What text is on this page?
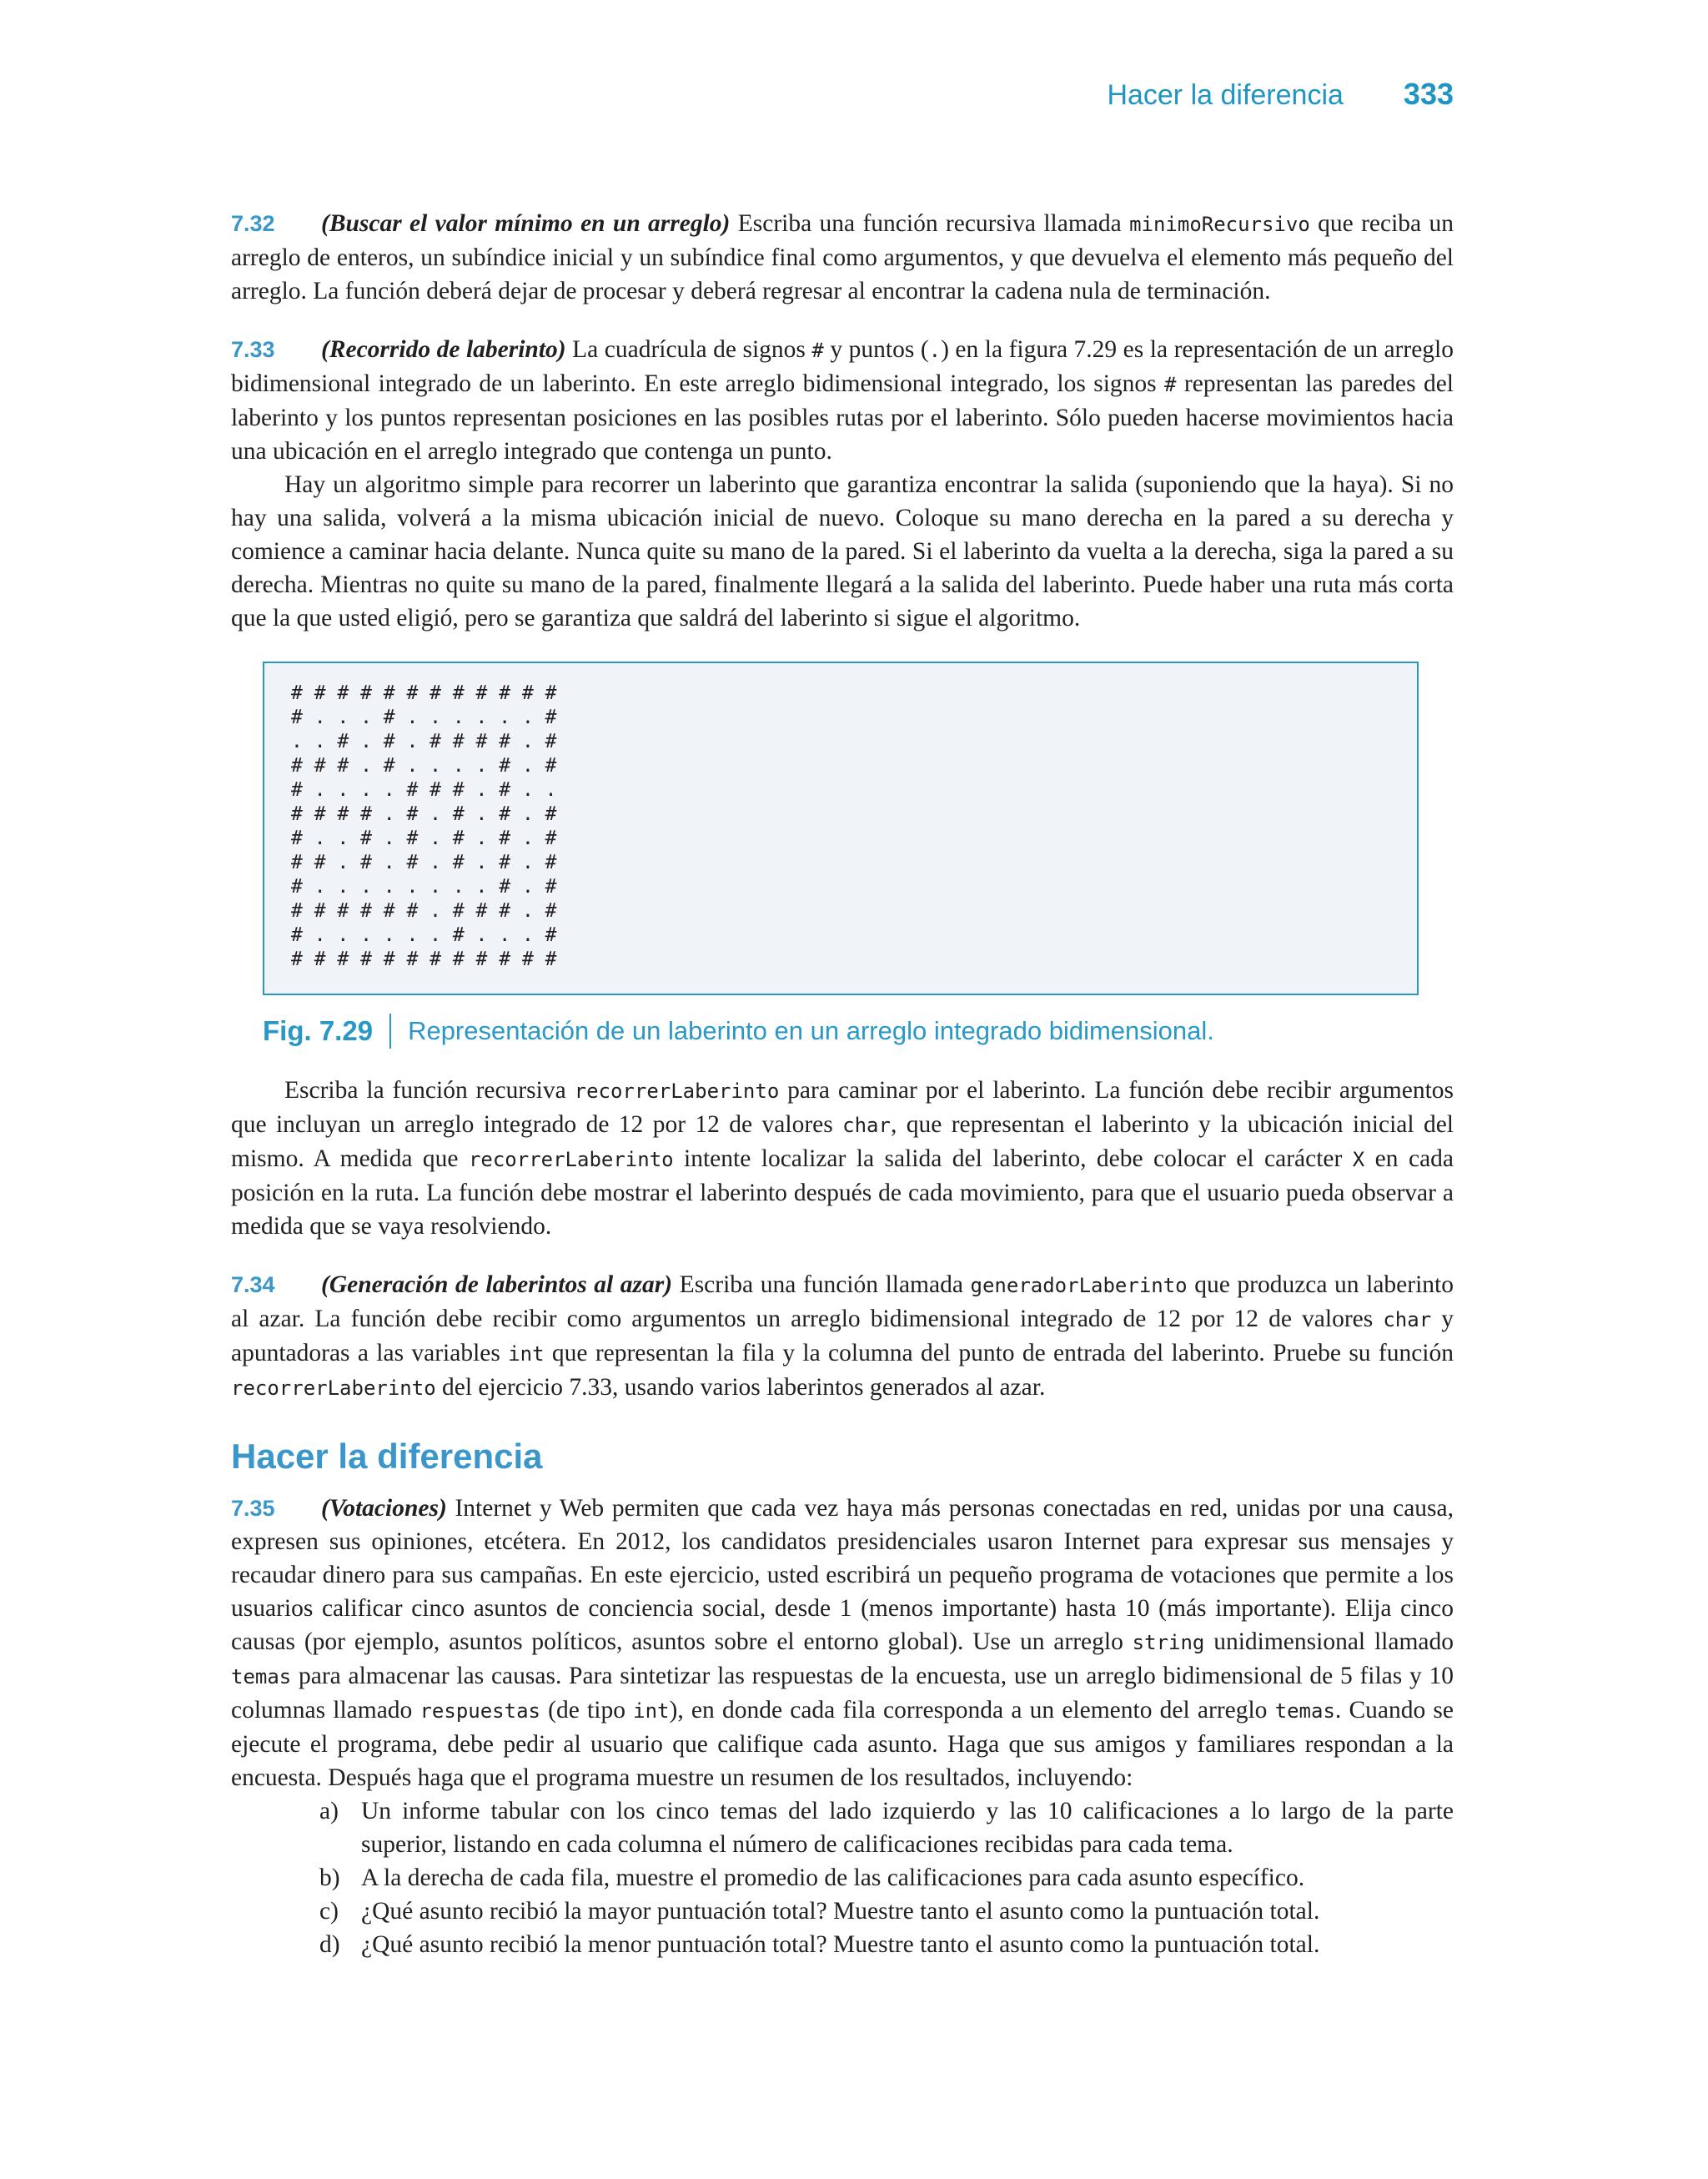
Hacer la diferencia 333

7.32 (Buscar el valor mínimo en un arreglo) Escriba una función recursiva llamada minimoRecursivo que reciba un arreglo de enteros, un subíndice inicial y un subíndice final como argumentos, y que devuelva el elemento más pequeño del arreglo. La función deberá dejar de procesar y deberá regresar al encontrar la cadena nula de terminación.

7.33 (Recorrido de laberinto) La cuadrícula de signos # y puntos (.) en la figura 7.29 es la representación de un arreglo bidimensional integrado de un laberinto. En este arreglo bidimensional integrado, los signos # representan las paredes del laberinto y los puntos representan posiciones en las posibles rutas por el laberinto. Sólo pueden hacerse movimientos hacia una ubicación en el arreglo integrado que contenga un punto.

Hay un algoritmo simple para recorrer un laberinto que garantiza encontrar la salida (suponiendo que la haya). Si no hay una salida, volverá a la misma ubicación inicial de nuevo. Coloque su mano derecha en la pared a su derecha y comience a caminar hacia delante. Nunca quite su mano de la pared. Si el laberinto da vuelta a la derecha, siga la pared a su derecha. Mientras no quite su mano de la pared, finalmente llegará a la salida del laberinto. Puede haber una ruta más corta que la que usted eligió, pero se garantiza que saldrá del laberinto si sigue el algoritmo.

# # # # # # # # # # # #
# . . . # . . . . . . #
. . # . # . # # # # . #
# # # . # . . . . # . #
# . . . . # # # . # . .
# # # # . # . # . # . #
# . . # . # . # . # . #
# # . # . # . # . # . #
# . . . . . . . . # . #
# # # # # # . # # # . #
# . . . . . . # . . . #
# # # # # # # # # # # #
Fig. 7.29	Representación de un laberinto en un arreglo integrado bidimensional.

Escriba la función recursiva recorrerLaberinto para caminar por el laberinto. La función debe recibir argumentos que incluyan un arreglo integrado de 12 por 12 de valores char, que representan el laberinto y la ubicación inicial del mismo. A medida que recorrerLaberinto intente localizar la salida del laberinto, debe colocar el carácter X en cada posición en la ruta. La función debe mostrar el laberinto después de cada movimiento, para que el usuario pueda observar a medida que se vaya resolviendo.

7.34 (Generación de laberintos al azar) Escriba una función llamada generadorLaberinto que produzca un laberinto al azar. La función debe recibir como argumentos un arreglo bidimensional integrado de 12 por 12 de valores char y apuntadoras a las variables int que representan la fila y la columna del punto de entrada del laberinto. Pruebe su función recorrerLaberinto del ejercicio 7.33, usando varios laberintos generados al azar.

Hacer la diferencia

7.35 (Votaciones) Internet y Web permiten que cada vez haya más personas conectadas en red, unidas por una causa, expresen sus opiniones, etcétera. En 2012, los candidatos presidenciales usaron Internet para expresar sus mensajes y recaudar dinero para sus campañas. En este ejercicio, usted escribirá un pequeño programa de votaciones que permite a los usuarios calificar cinco asuntos de conciencia social, desde 1 (menos importante) hasta 10 (más importante). Elija cinco causas (por ejemplo, asuntos políticos, asuntos sobre el entorno global). Use un arreglo string unidimensional llamado temas para almacenar las causas. Para sintetizar las respuestas de la encuesta, use un arreglo bidimensional de 5 filas y 10 columnas llamado respuestas (de tipo int), en donde cada fila corresponda a un elemento del arreglo temas. Cuando se ejecute el programa, debe pedir al usuario que califique cada asunto. Haga que sus amigos y familiares respondan a la encuesta. Después haga que el programa muestre un resumen de los resultados, incluyendo:

a) Un informe tabular con los cinco temas del lado izquierdo y las 10 calificaciones a lo largo de la parte superior, listando en cada columna el número de calificaciones recibidas para cada tema.
b) A la derecha de cada fila, muestre el promedio de las calificaciones para cada asunto específico.
c) ¿Qué asunto recibió la mayor puntuación total? Muestre tanto el asunto como la puntuación total.
d) ¿Qué asunto recibió la menor puntuación total? Muestre tanto el asunto como la puntuación total.
